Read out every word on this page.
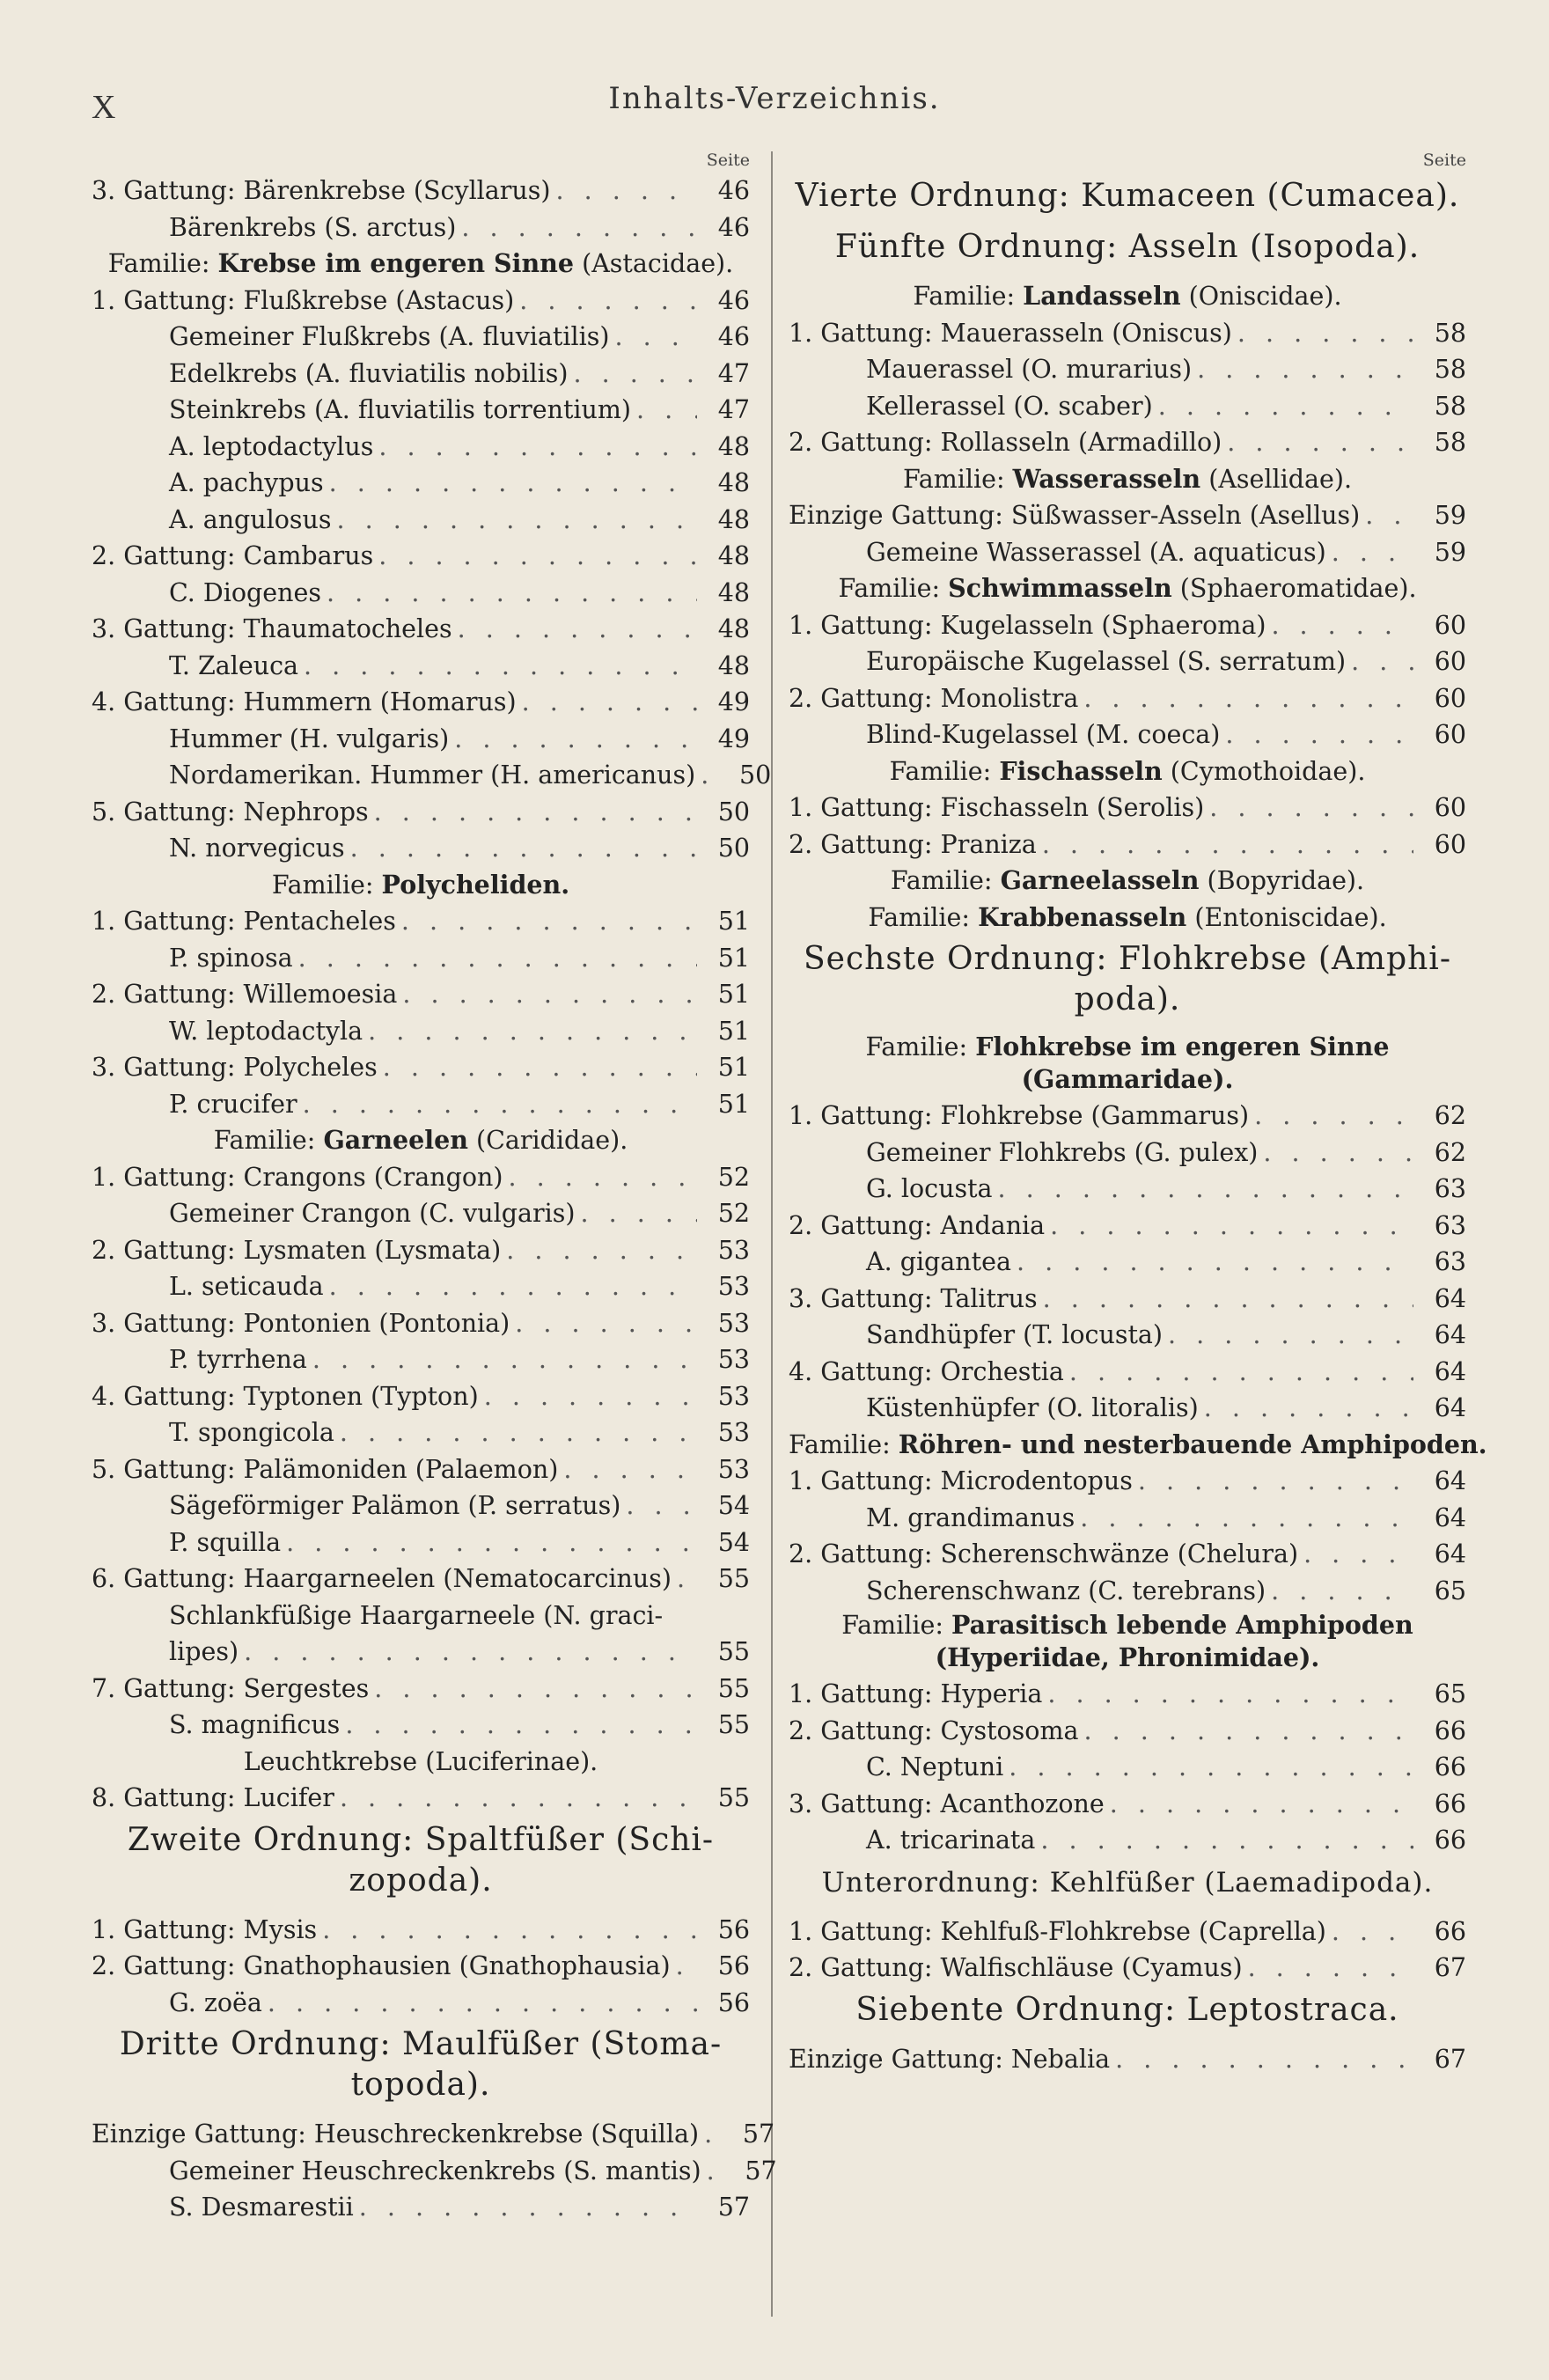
X	Inhalts-Verzeichnis.
Seite
3. Gattung: Bärenkrebse (Scyllarus) . . .	46
Bärenkrebs (S. arctus) . . .	46
Familie: Krebse im engeren Sinne (Astacidae).
1. Gattung: Flußkrebse (Astacus) . . .	46
Gemeiner Flußkrebs (A. fluviatilis) . . .	46
Edelkrebs (A. fluviatilis nobilis) . . .	47
Steinkrebs (A. fluviatilis torrentium) . . .	47
A. leptodactylus . . .	48
A. pachypus . . .	48
A. angulosus . . .	48
2. Gattung: Cambarus . . .	48
C. Diogenes . . .	48
3. Gattung: Thaumatocheles . . .	48
T. Zaleuca . . .	48
4. Gattung: Hummern (Homarus) . . .	49
Hummer (H. vulgaris) . . .	49
Nordamerikan. Hummer (H. americanus) . . .	50
5. Gattung: Nephrops . . .	50
N. norvegicus . . .	50
Familie: Polycheliden.
1. Gattung: Pentacheles . . .	51
P. spinosa . . .	51
2. Gattung: Willemoesia . . .	51
W. leptodactyla . . .	51
3. Gattung: Polycheles . . .	51
P. crucifer . . .	51
Familie: Garneelen (Carididae).
1. Gattung: Crangons (Crangon) . . .	52
Gemeiner Crangon (C. vulgaris) . . .	52
2. Gattung: Lysmaten (Lysmata) . . .	53
L. seticauda . . .	53
3. Gattung: Pontonien (Pontonia) . . .	53
P. tyrrhena . . .	53
4. Gattung: Typtonen (Typton) . . .	53
T. spongicola . . .	53
5. Gattung: Palämoniden (Palaemon) . . .	53
Sägeförmiger Palämon (P. serratus) . . .	54
P. squilla . . .	54
6. Gattung: Haargarneelen (Nematocarcinus) . . .	55
Schlankfüßige Haargarneele (N. graci-
lipes) . . .	55
7. Gattung: Sergestes . . .	55
S. magnificus . . .	55
Leuchtkrebse (Luciferinae).
8. Gattung: Lucifer . . .	55
Zweite Ordnung: Spaltfüßer (Schi-
zopoda).
1. Gattung: Mysis . . .	56
2. Gattung: Gnathophausien (Gnathophausia) . . .	56
G. zoëa . . .	56
Dritte Ordnung: Maulfüßer (Stoma-
topoda).
Einzige Gattung: Heuschreckenkrebse (Squilla) . . .	57
Gemeiner Heuschreckenkrebs (S. mantis) . . .	57
S. Desmarestii . . .	57
Seite
Vierte Ordnung: Kumaceen (Cumacea).
Fünfte Ordnung: Asseln (Isopoda).
Familie: Landasseln (Oniscidae).
1. Gattung: Mauerasseln (Oniscus) . . .	58
Mauerassel (O. murarius) . . .	58
Kellerassel (O. scaber) . . .	58
2. Gattung: Rollasseln (Armadillo) . . .	58
Familie: Wasserasseln (Asellidae).
Einzige Gattung: Süßwasser-Asseln (Asellus) . . .	59
Gemeine Wasserassel (A. aquaticus) . . .	59
Familie: Schwimmasseln (Sphaeromatidae).
1. Gattung: Kugelasseln (Sphaeroma) . . .	60
Europäische Kugelassel (S. serratum) . . .	60
2. Gattung: Monolistra . . .	60
Blind-Kugelassel (M. coeca) . . .	60
Familie: Fischasseln (Cymothoidae).
1. Gattung: Fischasseln (Serolis) . . .	60
2. Gattung: Praniza . . .	60
Familie: Garneelasseln (Bopyridae).
Familie: Krabbenasseln (Entoniscidae).
Sechste Ordnung: Flohkrebse (Amphi-
poda).
Familie: Flohkrebse im engeren Sinne
(Gammaridae).
1. Gattung: Flohkrebse (Gammarus) . . .	62
Gemeiner Flohkrebs (G. pulex) . . .	62
G. locusta . . .	63
2. Gattung: Andania . . .	63
A. gigantea . . .	63
3. Gattung: Talitrus . . .	64
Sandhüpfer (T. locusta) . . .	64
4. Gattung: Orchestia . . .	64
Küstenhüpfer (O. litoralis) . . .	64
Familie: Röhren- und nesterbauende Amphipoden.
1. Gattung: Microdentopus . . .	64
M. grandimanus . . .	64
2. Gattung: Scherenschwänze (Chelura) . . .	64
Scherenschwanz (C. terebrans) . . .	65
Familie: Parasitisch lebende Amphipoden
(Hyperiidae, Phronimidae).
1. Gattung: Hyperia . . .	65
2. Gattung: Cystosoma . . .	66
C. Neptuni . . .	66
3. Gattung: Acanthozone . . .	66
A. tricarinata . . .	66
Unterordnung: Kehlfüßer (Laemadipoda).
1. Gattung: Kehlfuß-Flohkrebse (Caprella) . . .	66
2. Gattung: Walfischläuse (Cyamus) . . .	67
Siebente Ordnung: Leptostraca.
Einzige Gattung: Nebalia . . .	67
